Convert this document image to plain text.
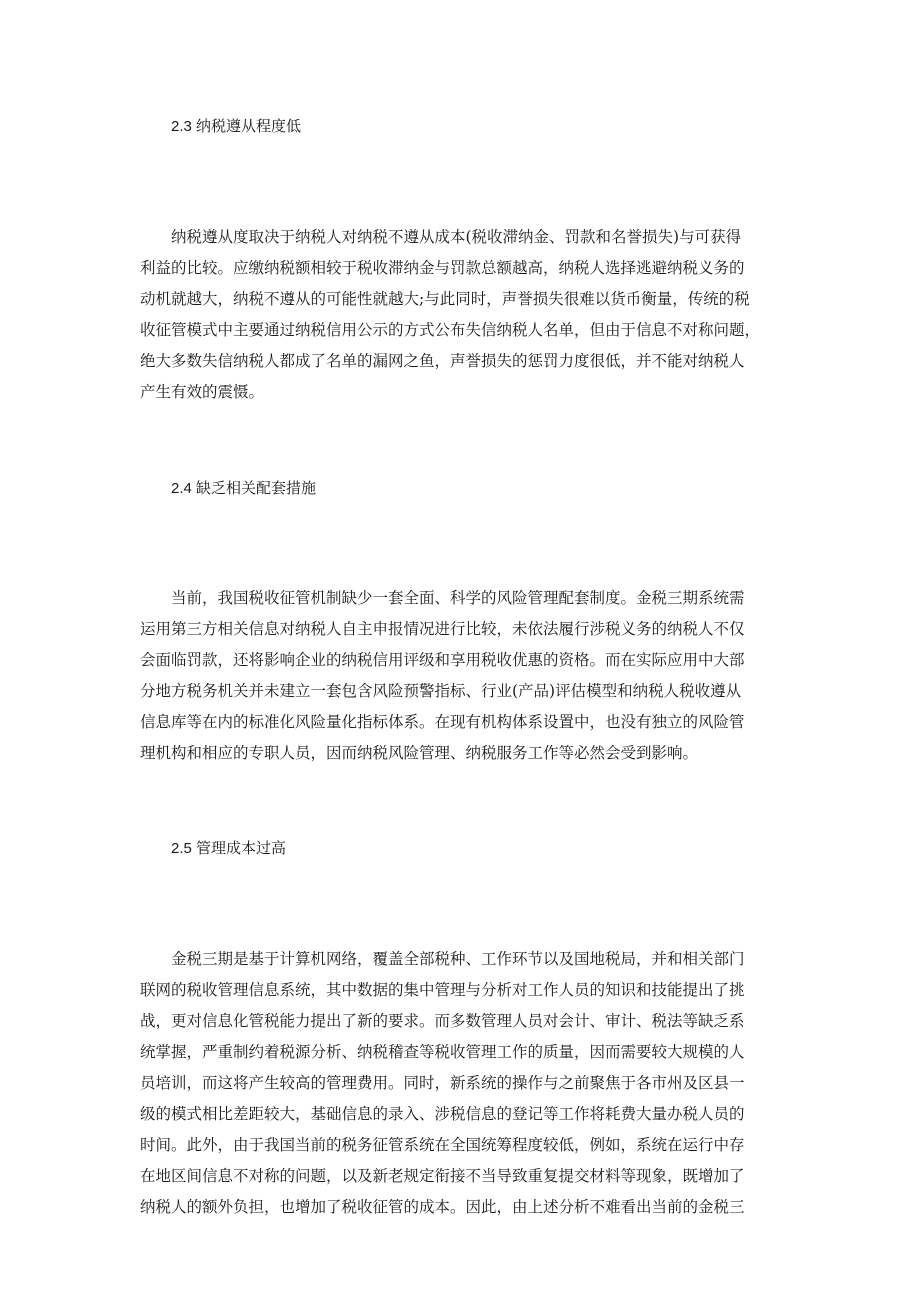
2.3 纳税遵从程度低
纳税遵从度取决于纳税人对纳税不遵从成本(税收滞纳金、罚款和名誉损失)与可获得
利益的比较。应缴纳税额相较于税收滞纳金与罚款总额越高，纳税人选择逃避纳税义务的
动机就越大，纳税不遵从的可能性就越大;与此同时，声誉损失很难以货币衡量，传统的税
收征管模式中主要通过纳税信用公示的方式公布失信纳税人名单，但由于信息不对称问题，
绝大多数失信纳税人都成了名单的漏网之鱼，声誉损失的惩罚力度很低，并不能对纳税人
产生有效的震慑。
2.4 缺乏相关配套措施
当前，我国税收征管机制缺少一套全面、科学的风险管理配套制度。金税三期系统需
运用第三方相关信息对纳税人自主申报情况进行比较，未依法履行涉税义务的纳税人不仅
会面临罚款，还将影响企业的纳税信用评级和享用税收优惠的资格。而在实际应用中大部
分地方税务机关并未建立一套包含风险预警指标、行业(产品)评估模型和纳税人税收遵从
信息库等在内的标准化风险量化指标体系。在现有机构体系设置中，也没有独立的风险管
理机构和相应的专职人员，因而纳税风险管理、纳税服务工作等必然会受到影响。
2.5 管理成本过高
金税三期是基于计算机网络，覆盖全部税种、工作环节以及国地税局，并和相关部门
联网的税收管理信息系统，其中数据的集中管理与分析对工作人员的知识和技能提出了挑
战，更对信息化管税能力提出了新的要求。而多数管理人员对会计、审计、税法等缺乏系
统掌握，严重制约着税源分析、纳税稽查等税收管理工作的质量，因而需要较大规模的人
员培训，而这将产生较高的管理费用。同时，新系统的操作与之前聚焦于各市州及区县一
级的模式相比差距较大，基础信息的录入、涉税信息的登记等工作将耗费大量办税人员的
时间。此外，由于我国当前的税务征管系统在全国统筹程度较低，例如，系统在运行中存
在地区间信息不对称的问题，以及新老规定衔接不当导致重复提交材料等现象，既增加了
纳税人的额外负担，也增加了税收征管的成本。因此，由上述分析不难看出当前的金税三
